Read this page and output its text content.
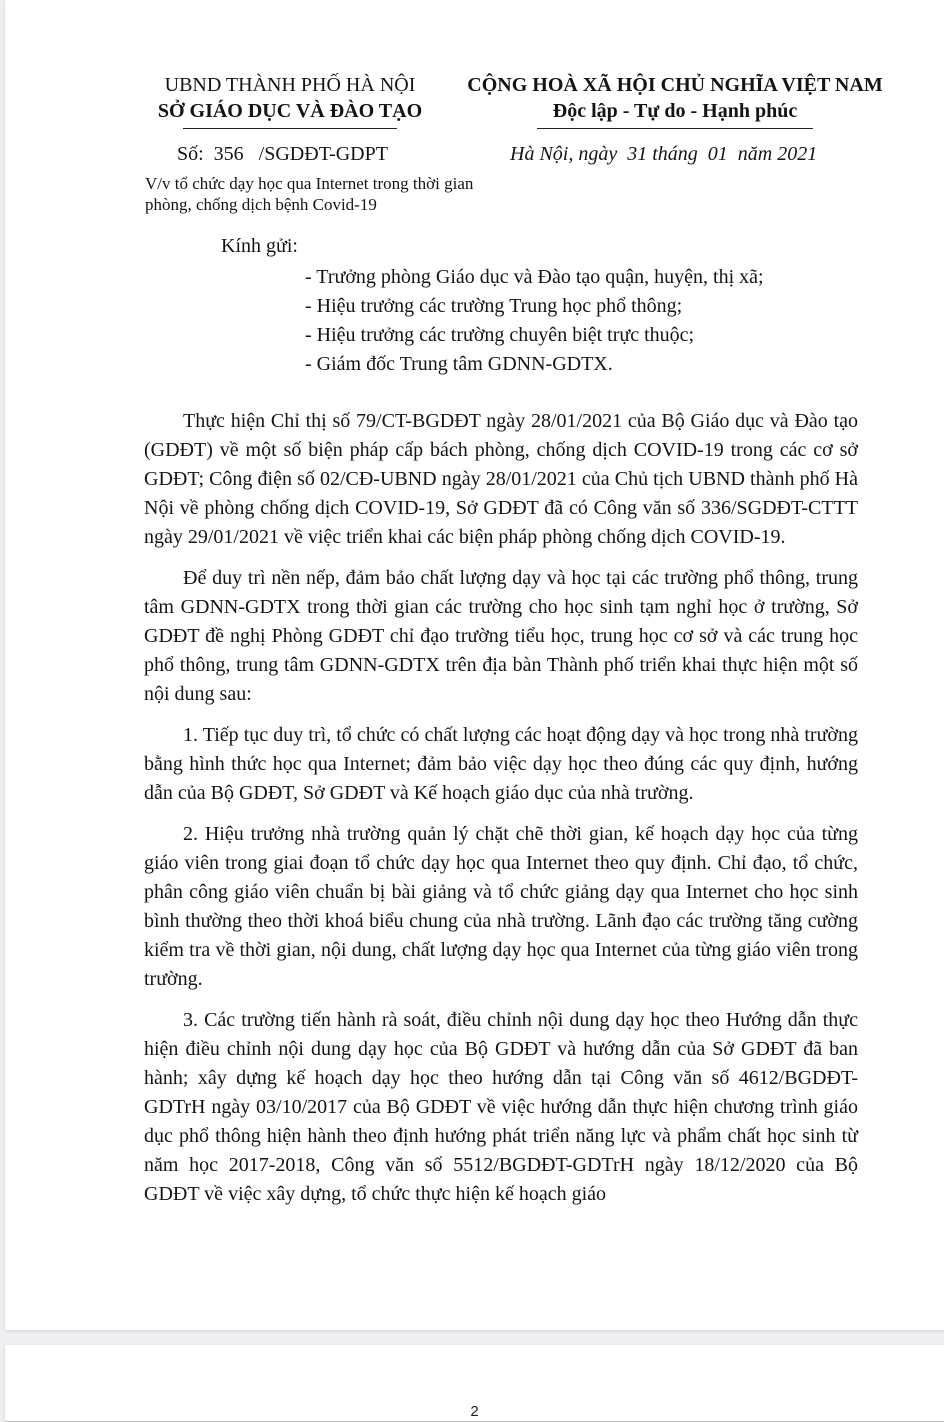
UBND THÀNH PHỐ HÀ NỘI
SỞ GIÁO DỤC VÀ ĐÀO TẠO
CỘNG HOÀ XÃ HỘI CHỦ NGHĨA VIỆT NAM
Độc lập - Tự do - Hạnh phúc
Số:  356   /SGDĐT-GDPT	Hà Nội, ngày  31 tháng  01  năm 2021
V/v tổ chức dạy học qua Internet trong thời gian phòng, chống dịch bệnh Covid-19
Kính gửi:
- Trưởng phòng Giáo dục và Đào tạo quận, huyện, thị xã;
- Hiệu trưởng các trường Trung học phổ thông;
- Hiệu trưởng các trường chuyên biệt trực thuộc;
- Giám đốc Trung tâm GDNN-GDTX.

Thực hiện Chỉ thị số 79/CT-BGDĐT ngày 28/01/2021 của Bộ Giáo dục và Đào tạo (GDĐT) về một số biện pháp cấp bách phòng, chống dịch COVID-19 trong các cơ sở GDĐT; Công điện số 02/CĐ-UBND ngày 28/01/2021 của Chủ tịch UBND thành phố Hà Nội về phòng chống dịch COVID-19, Sở GDĐT đã có Công văn số 336/SGDĐT-CTTT ngày 29/01/2021 về việc triển khai các biện pháp phòng chống dịch COVID-19.

Để duy trì nền nếp, đảm bảo chất lượng dạy và học tại các trường phổ thông, trung tâm GDNN-GDTX trong thời gian các trường cho học sinh tạm nghỉ học ở trường, Sở GDĐT đề nghị Phòng GDĐT chỉ đạo trường tiểu học, trung học cơ sở và các trung học phổ thông, trung tâm GDNN-GDTX trên địa bàn Thành phố triển khai thực hiện một số nội dung sau:

1. Tiếp tục duy trì, tổ chức có chất lượng các hoạt động dạy và học trong nhà trường bằng hình thức học qua Internet; đảm bảo việc dạy học theo đúng các quy định, hướng dẫn của Bộ GDĐT, Sở GDĐT và Kế hoạch giáo dục của nhà trường.

2. Hiệu trưởng nhà trường quản lý chặt chẽ thời gian, kế hoạch dạy học của từng giáo viên trong giai đoạn tổ chức dạy học qua Internet theo quy định. Chỉ đạo, tổ chức, phân công giáo viên chuẩn bị bài giảng và tổ chức giảng dạy qua Internet cho học sinh bình thường theo thời khoá biểu chung của nhà trường. Lãnh đạo các trường tăng cường kiểm tra về thời gian, nội dung, chất lượng dạy học qua Internet của từng giáo viên trong trường.

3. Các trường tiến hành rà soát, điều chỉnh nội dung dạy học theo Hướng dẫn thực hiện điều chỉnh nội dung dạy học của Bộ GDĐT và hướng dẫn của Sở GDĐT đã ban hành; xây dựng kế hoạch dạy học theo hướng dẫn tại Công văn số 4612/BGDĐT-GDTrH ngày 03/10/2017 của Bộ GDĐT về việc hướng dẫn thực hiện chương trình giáo dục phổ thông hiện hành theo định hướng phát triển năng lực và phẩm chất học sinh từ năm học 2017-2018, Công văn số 5512/BGDĐT-GDTrH ngày 18/12/2020 của Bộ GDĐT về việc xây dựng, tổ chức thực hiện kế hoạch giáo

2
